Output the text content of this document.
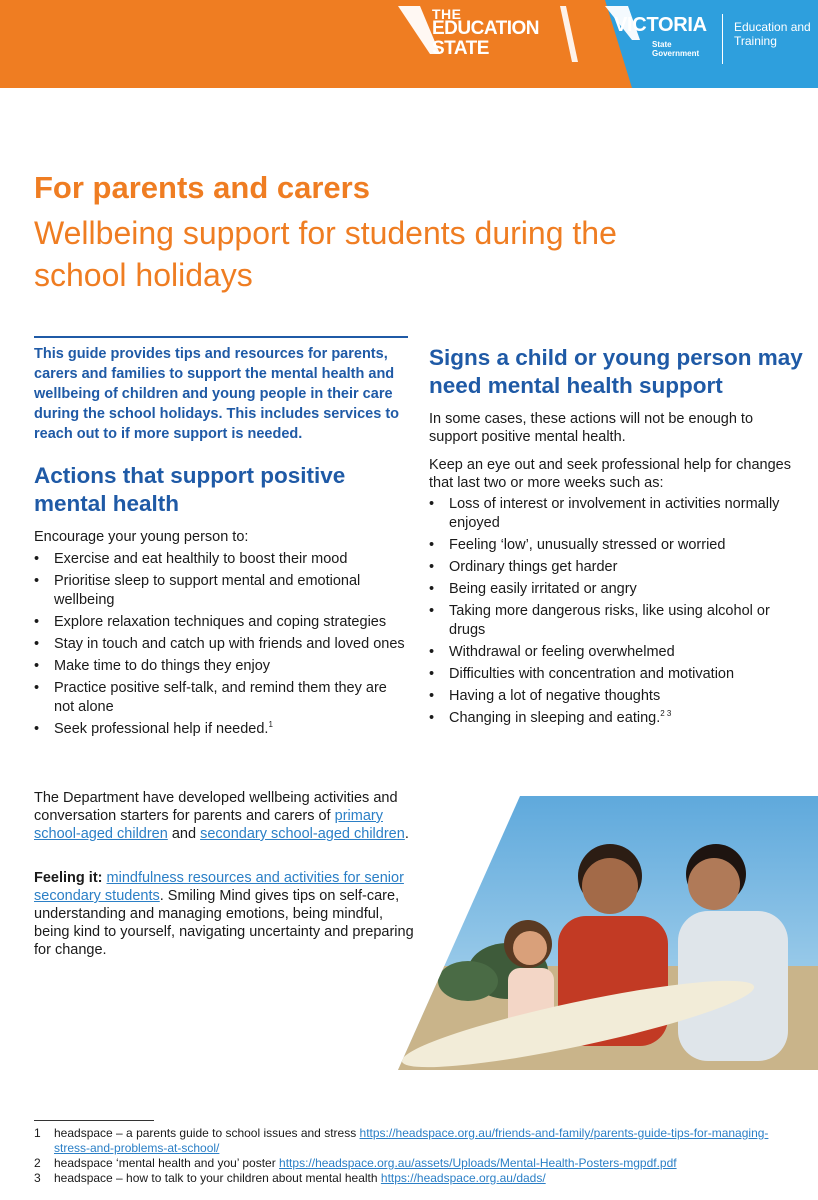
THE
EDUCATION
STATE
VICTORIA
State Government
Education and Training
For parents and carers
Wellbeing support for students during the school holidays

This guide provides tips and resources for parents, carers and families to support the mental health and wellbeing of children and young people in their care during the school holidays. This includes services to reach out to if more support is needed.

Actions that support positive mental health

Encourage your young person to:

• Exercise and eat healthily to boost their mood
• Prioritise sleep to support mental and emotional wellbeing
• Explore relaxation techniques and coping strategies
• Stay in touch and catch up with friends and loved ones
• Make time to do things they enjoy
• Practice positive self-talk, and remind them they are not alone
• Seek professional help if needed.$^1$

The Department have developed wellbeing activities and conversation starters for parents and carers of primary school-aged children and secondary school-aged children.

Feeling it: mindfulness resources and activities for senior secondary students. Smiling Mind gives tips on self-care, understanding and managing emotions, being mindful, being kind to yourself, navigating uncertainty and preparing for change.

Signs a child or young person may need mental health support

In some cases, these actions will not be enough to support positive mental health.

Keep an eye out and seek professional help for changes that last two or more weeks such as:

• Loss of interest or involvement in activities normally enjoyed
• Feeling ‘low’, unusually stressed or worried
• Ordinary things get harder
• Being easily irritated or angry
• Taking more dangerous risks, like using alcohol or drugs
• Withdrawal or feeling overwhelmed
• Difficulties with concentration and motivation
• Having a lot of negative thoughts
• Changing in sleeping and eating.$^{2 3}$
1 headspace – a parents guide to school issues and stress https://headspace.org.au/friends-and-family/parents-guide-tips-for-managing-stress-and-problems-at-school/
2 headspace ‘mental health and you’ poster https://headspace.org.au/assets/Uploads/Mental-Health-Posters-mgpdf.pdf
3 headspace – how to talk to your children about mental health https://headspace.org.au/dads/
